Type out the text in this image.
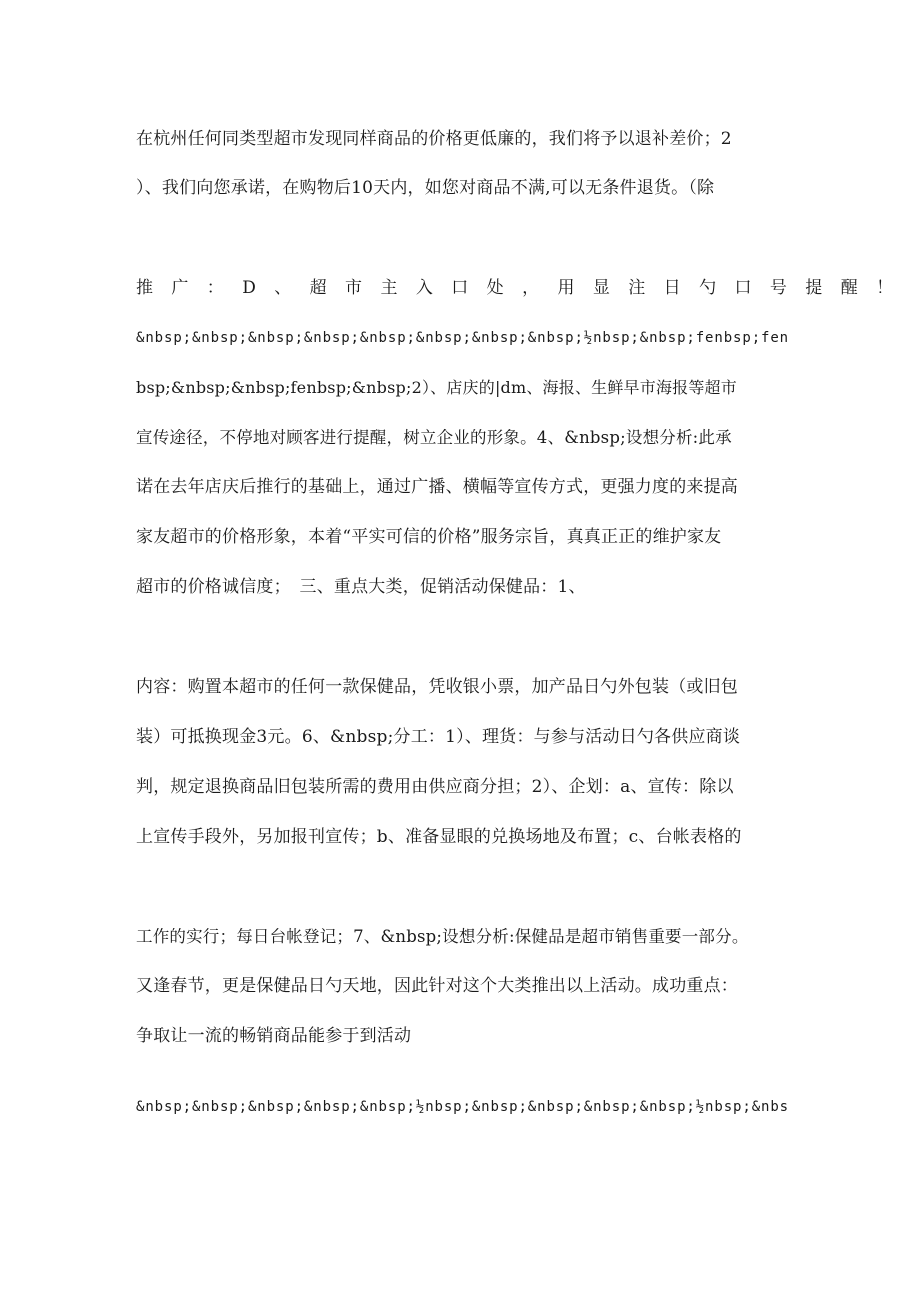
在杭州任何同类型超市发现同样商品的价格更低廉的，我们将予以退补差价；2
）、我们向您承诺，在购物后10天内，如您对商品不满,可以无条件退货。（除
推 广 ： D 、 超 市 主 入 口 处 ， 用 显 注 日 勺 口 号 提 醒 ！
&nbsp;&nbsp;&nbsp;&nbsp;&nbsp;&nbsp;&nbsp;&nbsp;½nbsp;&nbsp;fenbsp;fen
bsp;&nbsp;&nbsp;fenbsp;&nbsp;2）、店庆的|dm、海报、生鲜早市海报等超市
宣传途径，不停地对顾客进行提醒，树立企业的形象。4、&nbsp;设想分析:此承
诺在去年店庆后推行的基础上，通过广播、横幅等宣传方式，更强力度的来提高
家友超市的价格形象，本着“平实可信的价格”服务宗旨，真真正正的维护家友
超市的价格诚信度；　三、重点大类，促销活动保健品：1、
内容：购置本超市的任何一款保健品，凭收银小票，加产品日勺外包装（或旧包
装）可抵换现金3元。6、&nbsp;分工：1）、理货：与参与活动日勺各供应商谈
判，规定退换商品旧包装所需的费用由供应商分担；2）、企划：a、宣传：除以
上宣传手段外，另加报刊宣传；b、准备显眼的兑换场地及布置；c、台帐表格的
工作的实行；每日台帐登记；7、&nbsp;设想分析:保健品是超市销售重要一部分。
又逢春节，更是保健品日勺天地，因此针对这个大类推出以上活动。成功重点：
争取让一流的畅销商品能参于到活动
&nbsp;&nbsp;&nbsp;&nbsp;&nbsp;½nbsp;&nbsp;&nbsp;&nbsp;&nbsp;½nbsp;&nbs
